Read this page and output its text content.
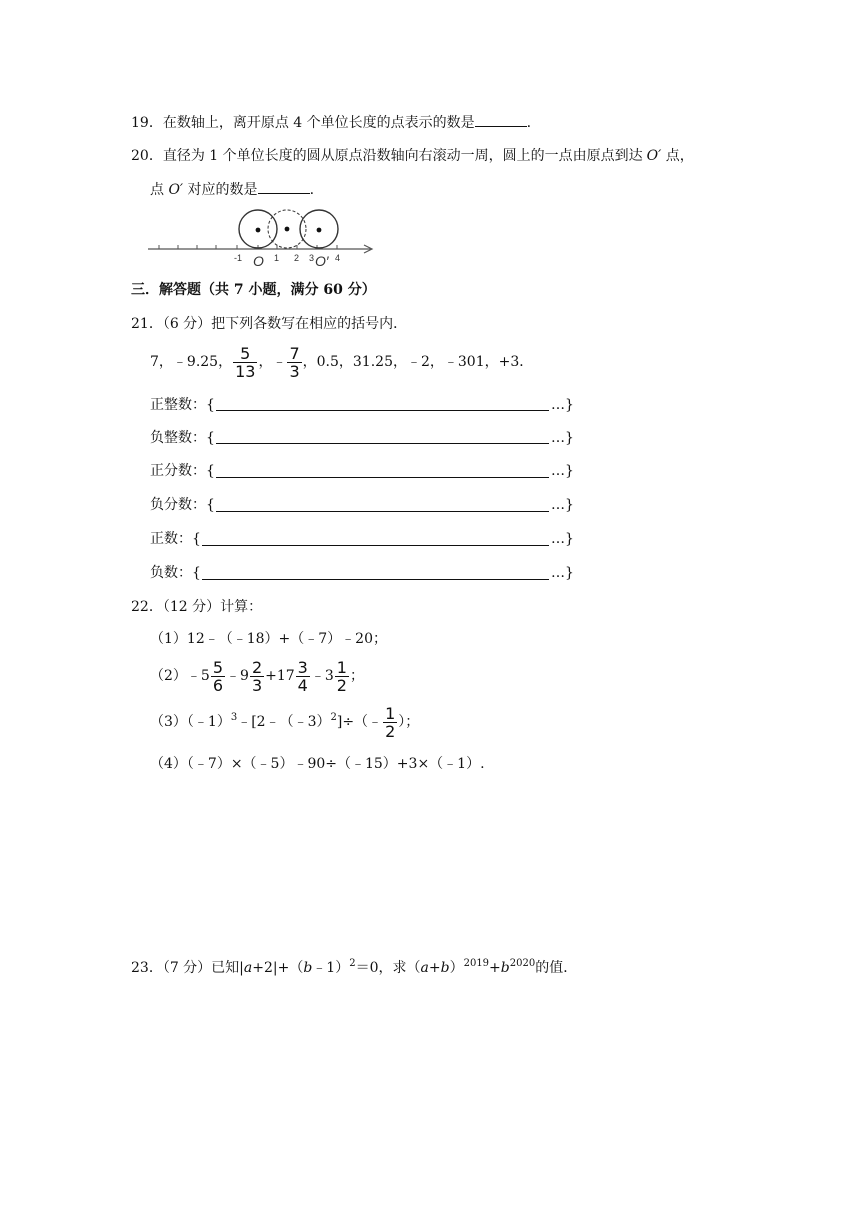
19．在数轴上，离开原点 4 个单位长度的点表示的数是	.
20．直径为 1 个单位长度的圆从原点沿数轴向右滚动一周，圆上的一点由原点到达 O′ 点，
点 O′ 对应的数是	.
-1 O 1 2 3 O′ 4
三．解答题（共 7 小题，满分 60 分）
21．（6 分）把下列各数写在相应的括号内．
7，﹣9.25， $\frac{5}{13}$ ，﹣ $\frac{7}{3}$ ，0.5，31.25，﹣2，﹣301，+3．
正整数：{	…}
负整数：{	…}
正分数：{	…}
负分数：{	…}
正数：{	…}
负数：{	…}
22．（12 分）计算：
（1）12﹣（﹣18）+（﹣7）﹣20；
（2）﹣5 $\frac{5}{6}$ ﹣9 $\frac{2}{3} +17 \frac{3}{4}$ ﹣3 $\frac{1}{2}$ ；
（3）（﹣1）$^3$﹣[2﹣（﹣3）$^2$]÷（﹣ $\frac{1}{2}$ ）；
（4）（﹣7）×（﹣5）﹣90÷（﹣15）+3×（﹣1）.
23．（7 分）已知|a+2|+（b﹣1）$^2$＝0，求$(a+b)^{2019}+b^{2020}$的值．
